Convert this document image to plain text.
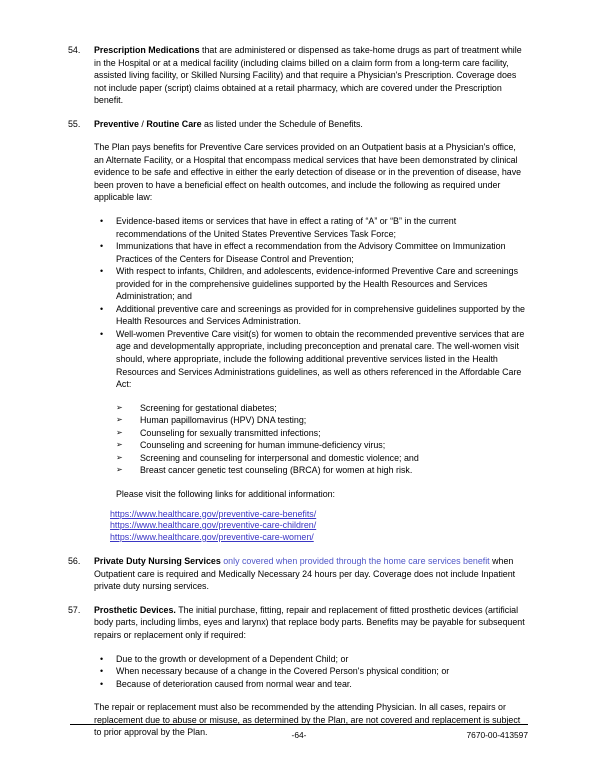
54.	Prescription Medications that are administered or dispensed as take-home drugs as part of treatment while in the Hospital or at a medical facility (including claims billed on a claim form from a long-term care facility, assisted living facility, or Skilled Nursing Facility) and that require a Physician's Prescription. Coverage does not include paper (script) claims obtained at a retail pharmacy, which are covered under the Prescription benefit.
55.	Preventive / Routine Care as listed under the Schedule of Benefits.

The Plan pays benefits for Preventive Care services provided on an Outpatient basis at a Physician's office, an Alternate Facility, or a Hospital that encompass medical services that have been demonstrated by clinical evidence to be safe and effective in either the early detection of disease or in the prevention of disease, have been proven to have a beneficial effect on health outcomes, and include the following as required under applicable law:

• Evidence-based items or services that have in effect a rating of “A” or “B” in the current recommendations of the United States Preventive Services Task Force;
• Immunizations that have in effect a recommendation from the Advisory Committee on Immunization Practices of the Centers for Disease Control and Prevention;
• With respect to infants, Children, and adolescents, evidence-informed Preventive Care and screenings provided for in the comprehensive guidelines supported by the Health Resources and Services Administration; and
• Additional preventive care and screenings as provided for in comprehensive guidelines supported by the Health Resources and Services Administration.
• Well-women Preventive Care visit(s) for women to obtain the recommended preventive services that are age and developmentally appropriate, including preconception and prenatal care. The well-women visit should, where appropriate, include the following additional preventive services listed in the Health Resources and Services Administrations guidelines, as well as others referenced in the Affordable Care Act:
➢ Screening for gestational diabetes;
➢ Human papillomavirus (HPV) DNA testing;
➢ Counseling for sexually transmitted infections;
➢ Counseling and screening for human immune-deficiency virus;
➢ Screening and counseling for interpersonal and domestic violence; and
➢ Breast cancer genetic test counseling (BRCA) for women at high risk.

Please visit the following links for additional information:

https://www.healthcare.gov/preventive-care-benefits/
https://www.healthcare.gov/preventive-care-children/
https://www.healthcare.gov/preventive-care-women/
56.	Private Duty Nursing Services only covered when provided through the home care services benefit when Outpatient care is required and Medically Necessary 24 hours per day. Coverage does not include Inpatient private duty nursing services.
57.	Prosthetic Devices. The initial purchase, fitting, repair and replacement of fitted prosthetic devices (artificial body parts, including limbs, eyes and larynx) that replace body parts. Benefits may be payable for subsequent repairs or replacement only if required:
• Due to the growth or development of a Dependent Child; or
• When necessary because of a change in the Covered Person's physical condition; or
• Because of deterioration caused from normal wear and tear.

The repair or replacement must also be recommended by the attending Physician. In all cases, repairs or replacement due to abuse or misuse, as determined by the Plan, are not covered and replacement is subject to prior approval by the Plan.	-64-	7670-00-413597
